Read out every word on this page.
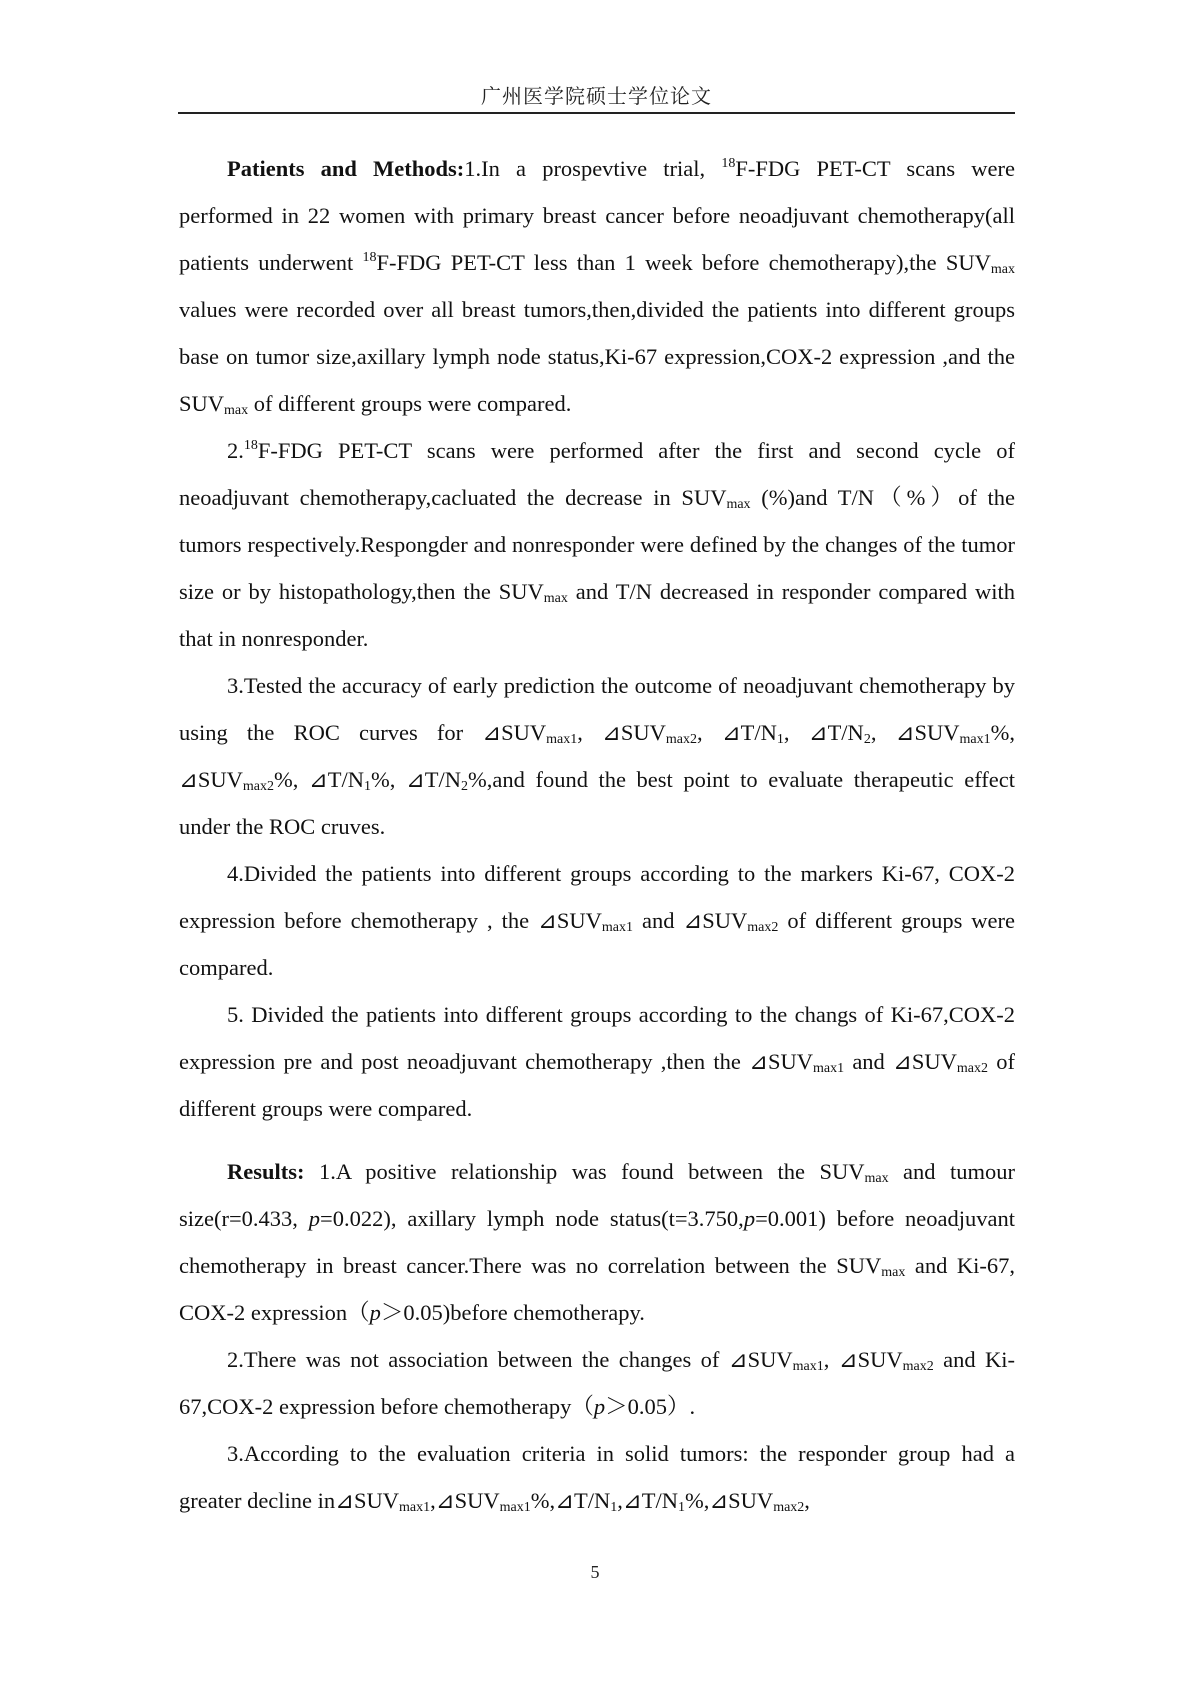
广州医学院硕士学位论文

Patients and Methods:1.In a prospevtive trial, $^{18}$F-FDG PET-CT scans were performed in 22 women with primary breast cancer before neoadjuvant chemotherapy(all patients underwent $^{18}$F-FDG PET-CT less than 1 week before chemotherapy),the $SUV_{max}$ values were recorded over all breast tumors,then,divided the patients into different groups base on tumor size,axillary lymph node status,Ki-67 expression,COX-2 expression ,and the $SUV_{max}$ of different groups were compared.

2.18F-FDG PET-CT scans were performed after the first and second cycle of neoadjuvant chemotherapy,cacluated the decrease in $SUV_{max}$ (%)and T/N（%）of the tumors respectively.Respongder and nonresponder were defined by the changes of the tumor size or by histopathology,then the $SUV_{max}$ and T/N decreased in responder compared with that in nonresponder.

3.Tested the accuracy of early prediction the outcome of neoadjuvant chemotherapy by using the ROC curves for $⊿SUV_{max1}$, $⊿SUV_{max2}$, $⊿T/N_1$, $⊿T/N_2$, $⊿SUV_{max1}\%$, $⊿SUV_{max2}\%$, $⊿T/N_1\%$, $⊿T/N_2\%,and$ found the best point to evaluate therapeutic effect under the ROC cruves.

4.Divided the patients into different groups according to the markers Ki-67, COX-2 expression before chemotherapy , the $⊿SUV_{max1}$ and $⊿SUV_{max2}$ of different groups were compared.

5. Divided the patients into different groups according to the changs of Ki-67,COX-2 expression pre and post neoadjuvant chemotherapy ,then the $⊿SUV_{max1}$ and $⊿SUV_{max2}$ of different groups were compared.

Results: 1.A positive relationship was found between the $SUV_{max}$ and tumour size(r=0.433, p=0.022), axillary lymph node status(t=3.750,p=0.001) before neoadjuvant chemotherapy in breast cancer.There was no correlation between the $SUV_{max}$ and Ki-67, COX-2 expression（p＞0.05)before chemotherapy.

2.There was not association between the changes of $⊿SUV_{max1}$, $⊿SUV_{max2}$ and Ki-67,COX-2 expression before chemotherapy（p＞0.05）.

3.According to the evaluation criteria in solid tumors: the responder group had a greater decline $in⊿SUV_{max1},⊿SUV_{max1}\%,⊿T/N_1,⊿T/N_1\%,⊿SUV_{max2}$,

5
